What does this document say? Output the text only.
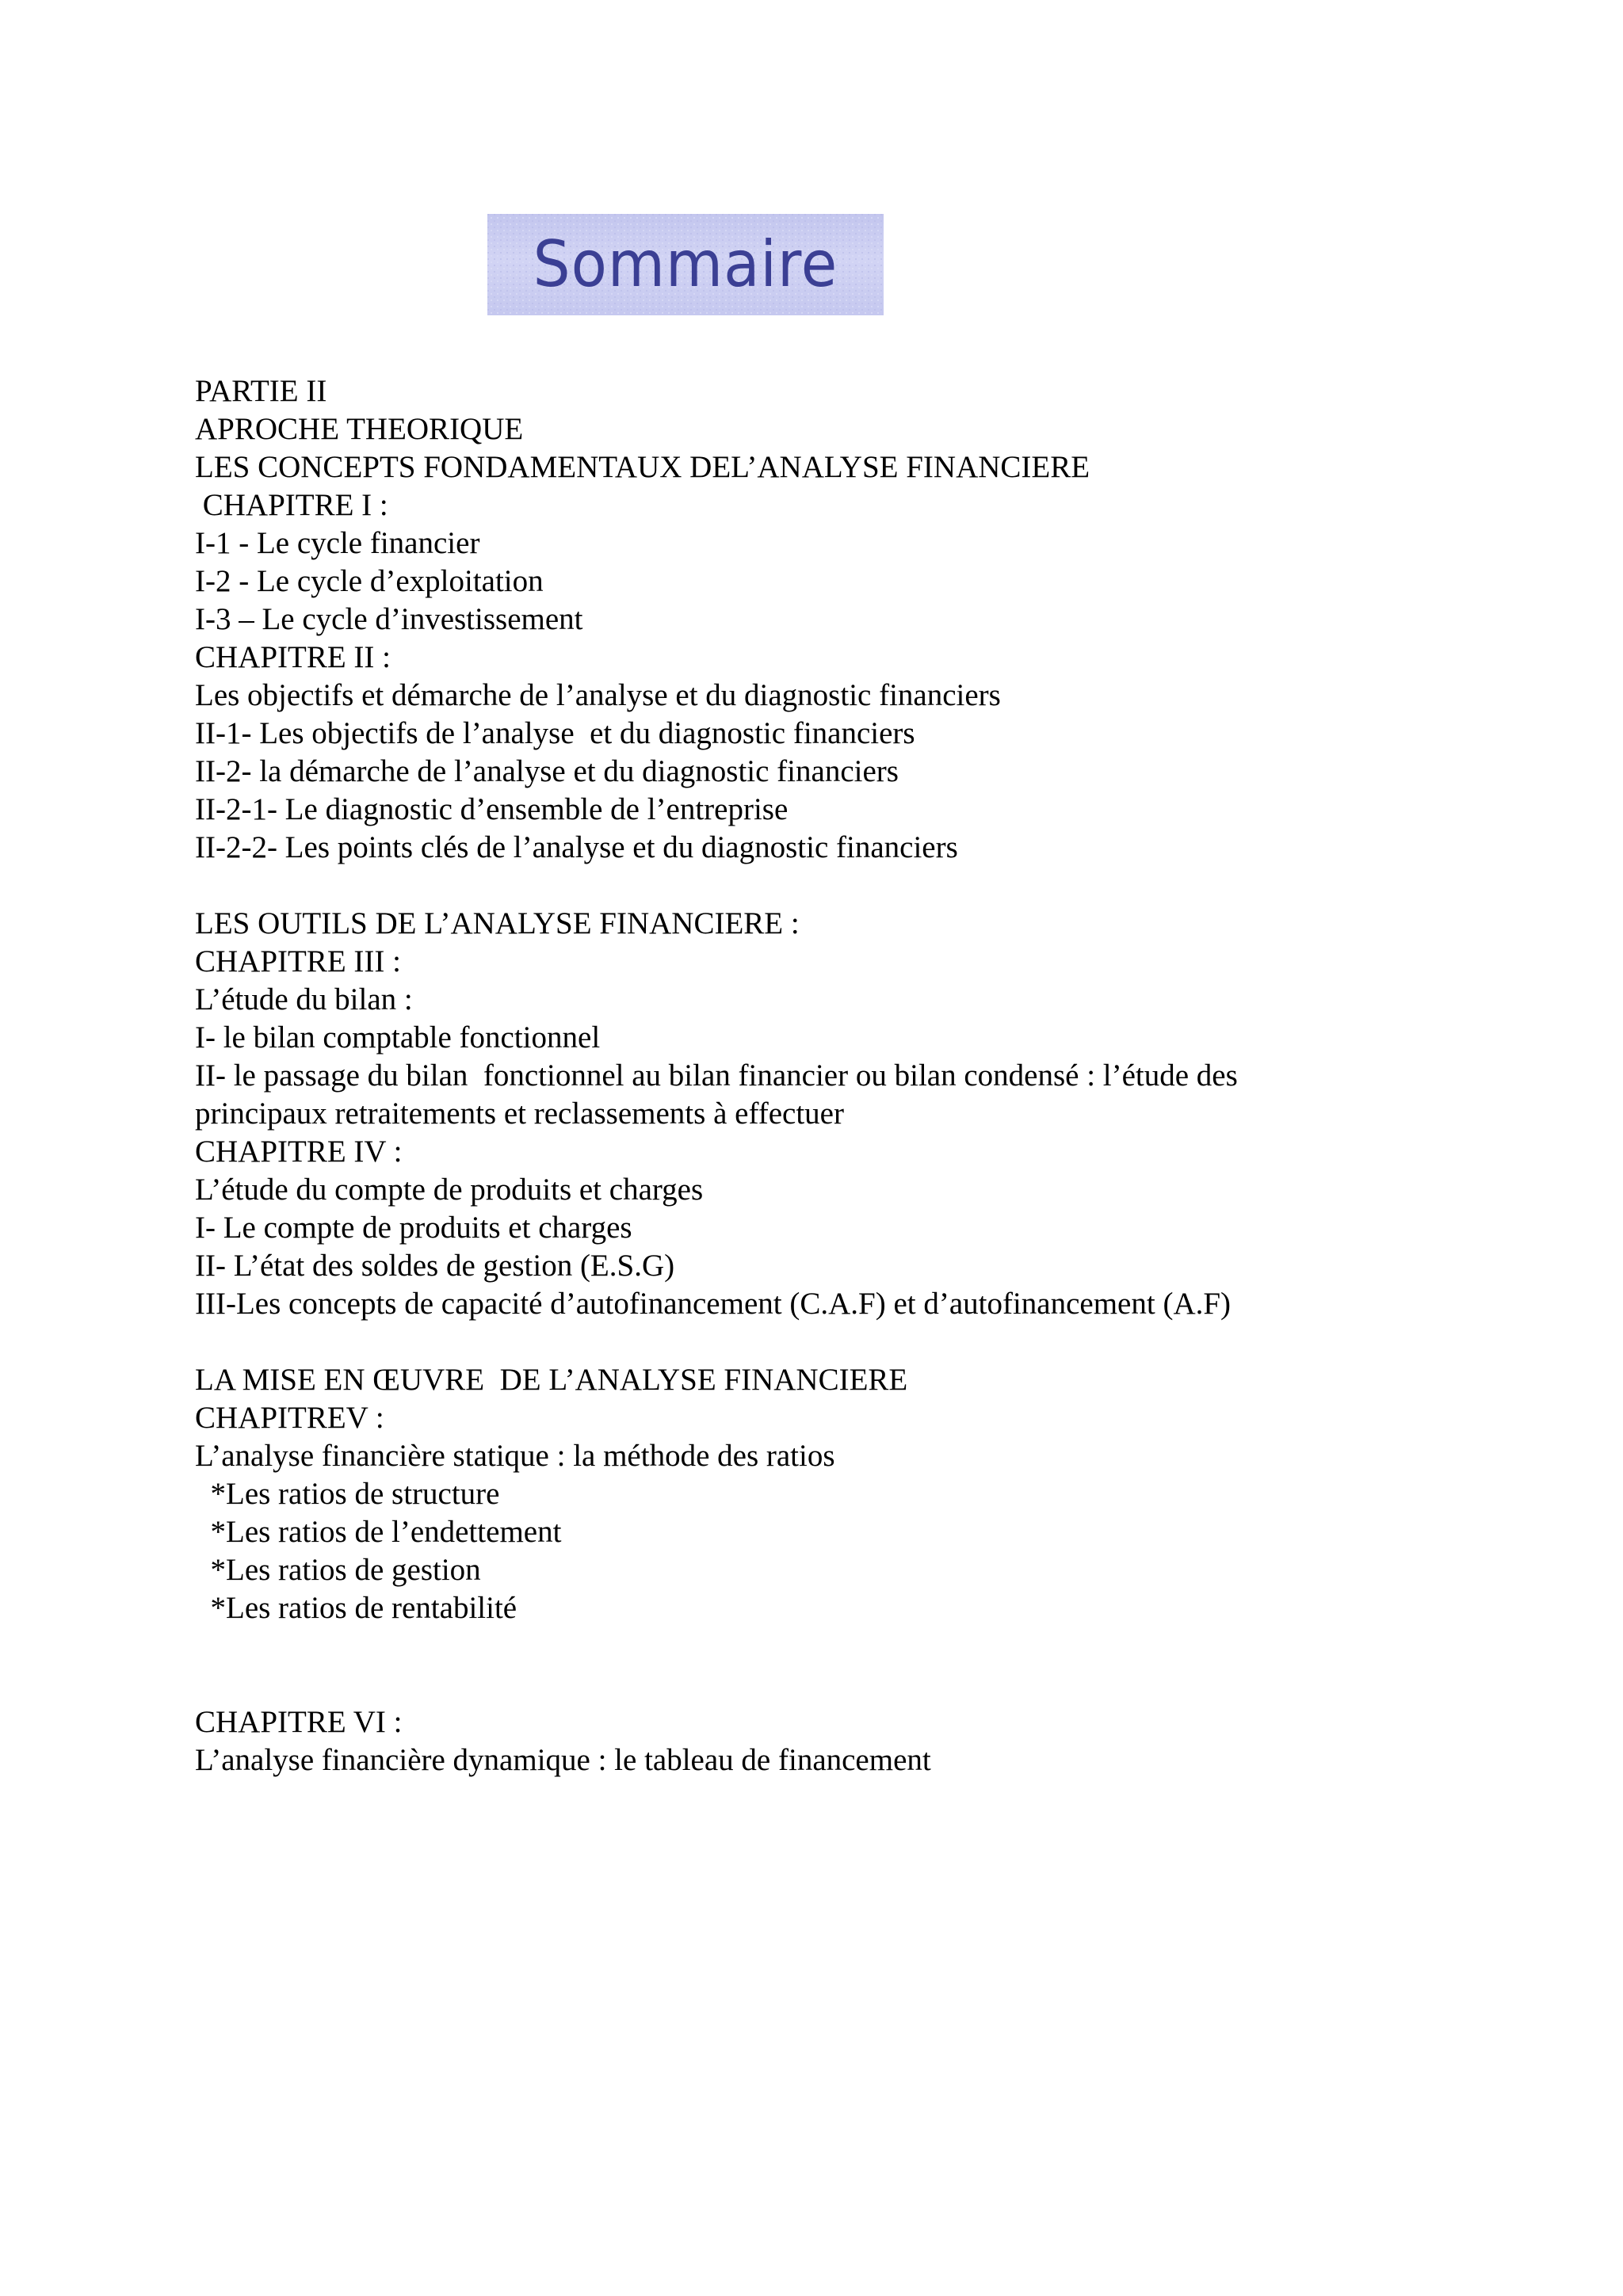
Sommaire
PARTIE II
APROCHE THEORIQUE
LES CONCEPTS FONDAMENTAUX DEL’ANALYSE FINANCIERE
CHAPITRE I :
I-1 - Le cycle financier
I-2 - Le cycle d’exploitation
I-3 – Le cycle d’investissement
CHAPITRE II :
Les objectifs et démarche de l’analyse et du diagnostic financiers
II-1- Les objectifs de l’analyse  et du diagnostic financiers
II-2- la démarche de l’analyse et du diagnostic financiers
II-2-1- Le diagnostic d’ensemble de l’entreprise
II-2-2- Les points clés de l’analyse et du diagnostic financiers
LES OUTILS DE L’ANALYSE FINANCIERE :
CHAPITRE III :
L’étude du bilan :
I- le bilan comptable fonctionnel
II- le passage du bilan  fonctionnel au bilan financier ou bilan condensé : l’étude des
principaux retraitements et reclassements à effectuer
CHAPITRE IV :
L’étude du compte de produits et charges
I- Le compte de produits et charges
II- L’état des soldes de gestion (E.S.G)
III-Les concepts de capacité d’autofinancement (C.A.F) et d’autofinancement (A.F)
LA MISE EN ŒUVRE  DE L’ANALYSE FINANCIERE
CHAPITREV :
L’analyse financière statique : la méthode des ratios
*Les ratios de structure
*Les ratios de l’endettement
*Les ratios de gestion
*Les ratios de rentabilité
CHAPITRE VI :
L’analyse financière dynamique : le tableau de financement
